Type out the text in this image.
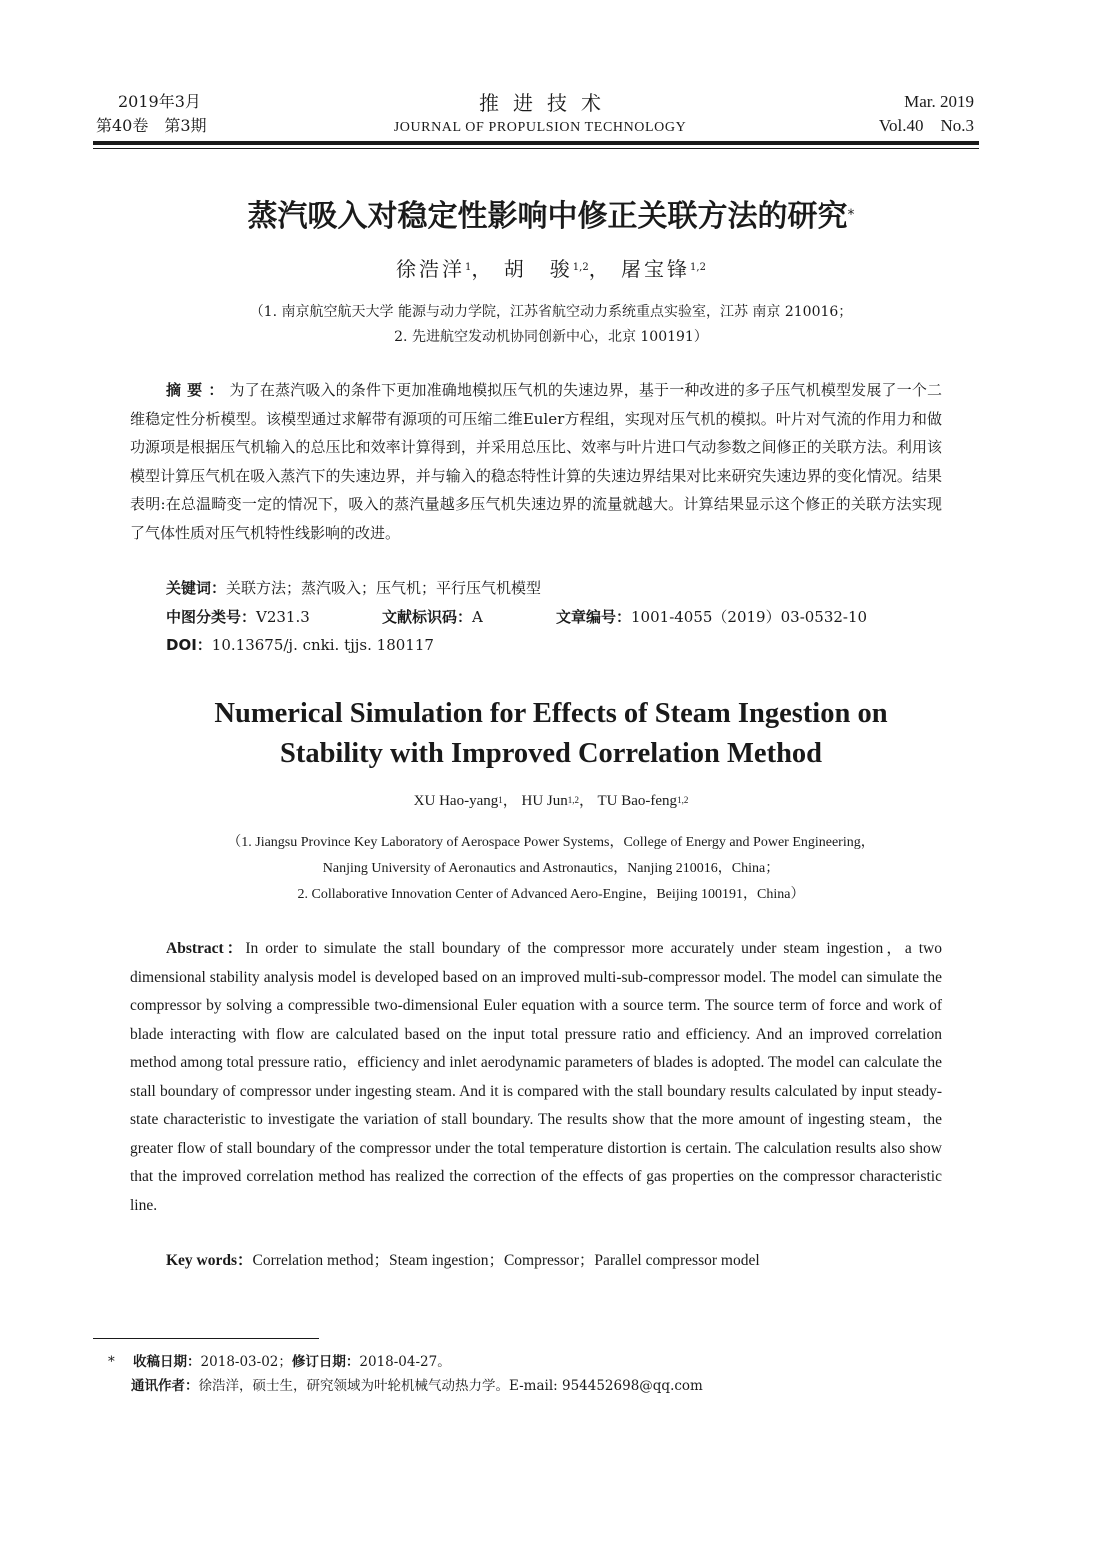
2019年3月
第40卷　第3期
推进技术
JOURNAL OF PROPULSION TECHNOLOGY
Mar. 2019
Vol.40　No.3
蒸汽吸入对稳定性影响中修正关联方法的研究*
徐浩洋$^1$， 胡　骏$^{1,2}$， 屠宝锋$^{1,2}$
（1. 南京航空航天大学 能源与动力学院，江苏省航空动力系统重点实验室，江苏 南京 210016；
2. 先进航空发动机协同创新中心，北京 100191）
摘要：为了在蒸汽吸入的条件下更加准确地模拟压气机的失速边界，基于一种改进的多子压气机模型发展了一个二维稳定性分析模型。该模型通过求解带有源项的可压缩二维Euler方程组，实现对压气机的模拟。叶片对气流的作用力和做功源项是根据压气机输入的总压比和效率计算得到，并采用总压比、效率与叶片进口气动参数之间修正的关联方法。利用该模型计算压气机在吸入蒸汽下的失速边界，并与输入的稳态特性计算的失速边界结果对比来研究失速边界的变化情况。结果表明:在总温畸变一定的情况下，吸入的蒸汽量越多压气机失速边界的流量就越大。计算结果显示这个修正的关联方法实现了气体性质对压气机特性线影响的改进。
关键词：关联方法；蒸汽吸入；压气机；平行压气机模型
中图分类号：V231.3	文献标识码：A	文章编号：1001-4055（2019）03-0532-10
DOI：10.13675/j. cnki. tjjs. 180117
Numerical Simulation for Effects of Steam Ingestion on
Stability with Improved Correlation Method
XU Hao-yang$^1$， HU Jun$^{1,2}$， TU Bao-feng$^{1,2}$
（1. Jiangsu Province Key Laboratory of Aerospace Power Systems，College of Energy and Power Engineering，
Nanjing University of Aeronautics and Astronautics，Nanjing 210016，China；
2. Collaborative Innovation Center of Advanced Aero-Engine，Beijing 100191，China）
Abstract：In order to simulate the stall boundary of the compressor more accurately under steam ingestion，a two dimensional stability analysis model is developed based on an improved multi-sub-compressor model. The model can simulate the compressor by solving a compressible two-dimensional Euler equation with a source term. The source term of force and work of blade interacting with flow are calculated based on the input total pressure ratio and efficiency. And an improved correlation method among total pressure ratio，efficiency and inlet aerodynamic parameters of blades is adopted. The model can calculate the stall boundary of compressor under ingesting steam. And it is compared with the stall boundary results calculated by input steady-state characteristic to investigate the variation of stall boundary. The results show that the more amount of ingesting steam，the greater flow of stall boundary of the compressor under the total temperature distortion is certain. The calculation results also show that the improved correlation method has realized the correction of the effects of gas properties on the compressor characteristic line.
Key words：Correlation method；Steam ingestion；Compressor；Parallel compressor model
* 收稿日期：2018-03-02；修订日期：2018-04-27。
通讯作者：徐浩洋，硕士生，研究领域为叶轮机械气动热力学。E-mail: 954452698@qq.com
